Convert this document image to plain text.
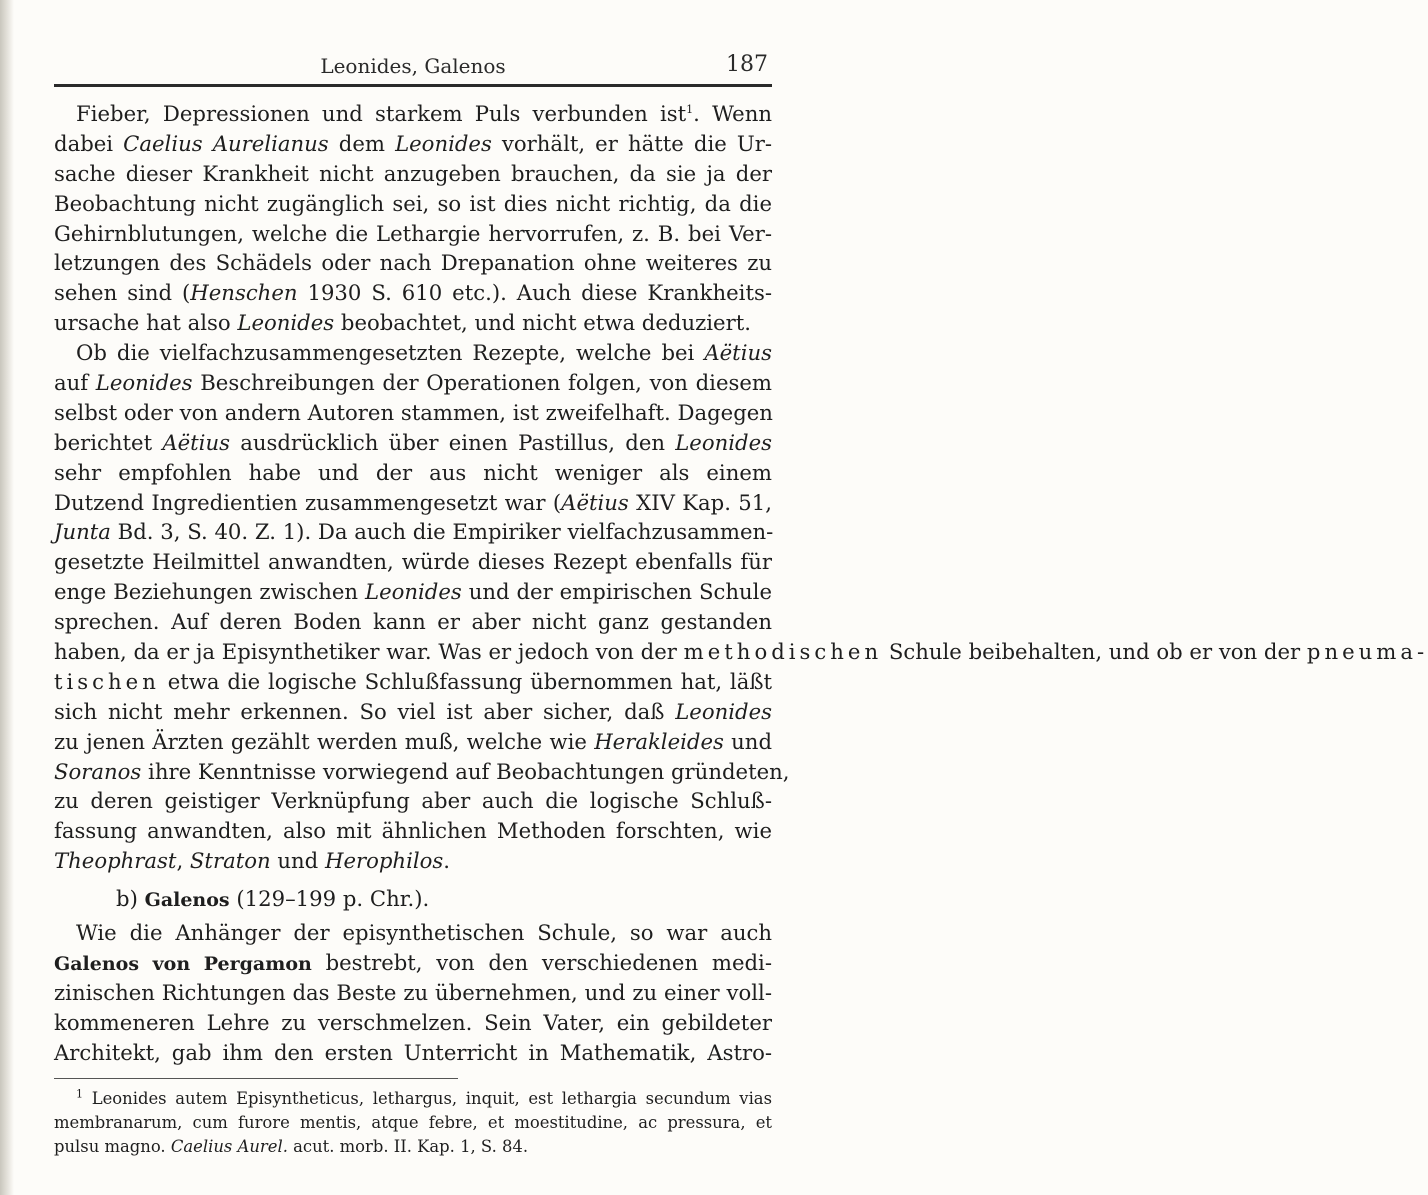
Leonides, Galenos	187
Fieber, Depressionen und starkem Puls verbunden ist$^1$. Wenn
dabei Caelius Aurelianus dem Leonides vorhält, er hätte die Ur-
sache dieser Krankheit nicht anzugeben brauchen, da sie ja der
Beobachtung nicht zugänglich sei, so ist dies nicht richtig, da die
Gehirnblutungen, welche die Lethargie hervorrufen, z. B. bei Ver-
letzungen des Schädels oder nach Drepanation ohne weiteres zu
sehen sind (Henschen 1930 S. 610 etc.). Auch diese Krankheits-
ursache hat also Leonides beobachtet, und nicht etwa deduziert.
Ob die vielfachzusammengesetzten Rezepte, welche bei Aëtius
auf Leonides Beschreibungen der Operationen folgen, von diesem
selbst oder von andern Autoren stammen, ist zweifelhaft. Dagegen
berichtet Aëtius ausdrücklich über einen Pastillus, den Leonides
sehr empfohlen habe und der aus nicht weniger als einem
Dutzend Ingredientien zusammengesetzt war (Aëtius XIV Kap. 51,
Junta Bd. 3, S. 40. Z. 1). Da auch die Empiriker vielfachzusammen-
gesetzte Heilmittel anwandten, würde dieses Rezept ebenfalls für
enge Beziehungen zwischen Leonides und der empirischen Schule
sprechen. Auf deren Boden kann er aber nicht ganz gestanden
haben, da er ja Episynthetiker war. Was er jedoch von der methodischen Schule beibehalten, und ob er von der pneuma-
tischen etwa die logische Schlußfassung übernommen hat, läßt
sich nicht mehr erkennen. So viel ist aber sicher, daß Leonides
zu jenen Ärzten gezählt werden muß, welche wie Herakleides und
Soranos ihre Kenntnisse vorwiegend auf Beobachtungen gründeten,
zu deren geistiger Verknüpfung aber auch die logische Schluß-
fassung anwandten, also mit ähnlichen Methoden forschten, wie
Theophrast, Straton und Herophilos.
b) Galenos (129–199 p. Chr.).
Wie die Anhänger der episynthetischen Schule, so war auch
Galenos von Pergamon bestrebt, von den verschiedenen medi-
zinischen Richtungen das Beste zu übernehmen, und zu einer voll-
kommeneren Lehre zu verschmelzen. Sein Vater, ein gebildeter
Architekt, gab ihm den ersten Unterricht in Mathematik, Astro-
$^1$ Leonides autem Episyntheticus, lethargus, inquit, est lethargia secundum vias
membranarum, cum furore mentis, atque febre, et moestitudine, ac pressura, et
pulsu magno. Caelius Aurel. acut. morb. II. Kap. 1, S. 84.
